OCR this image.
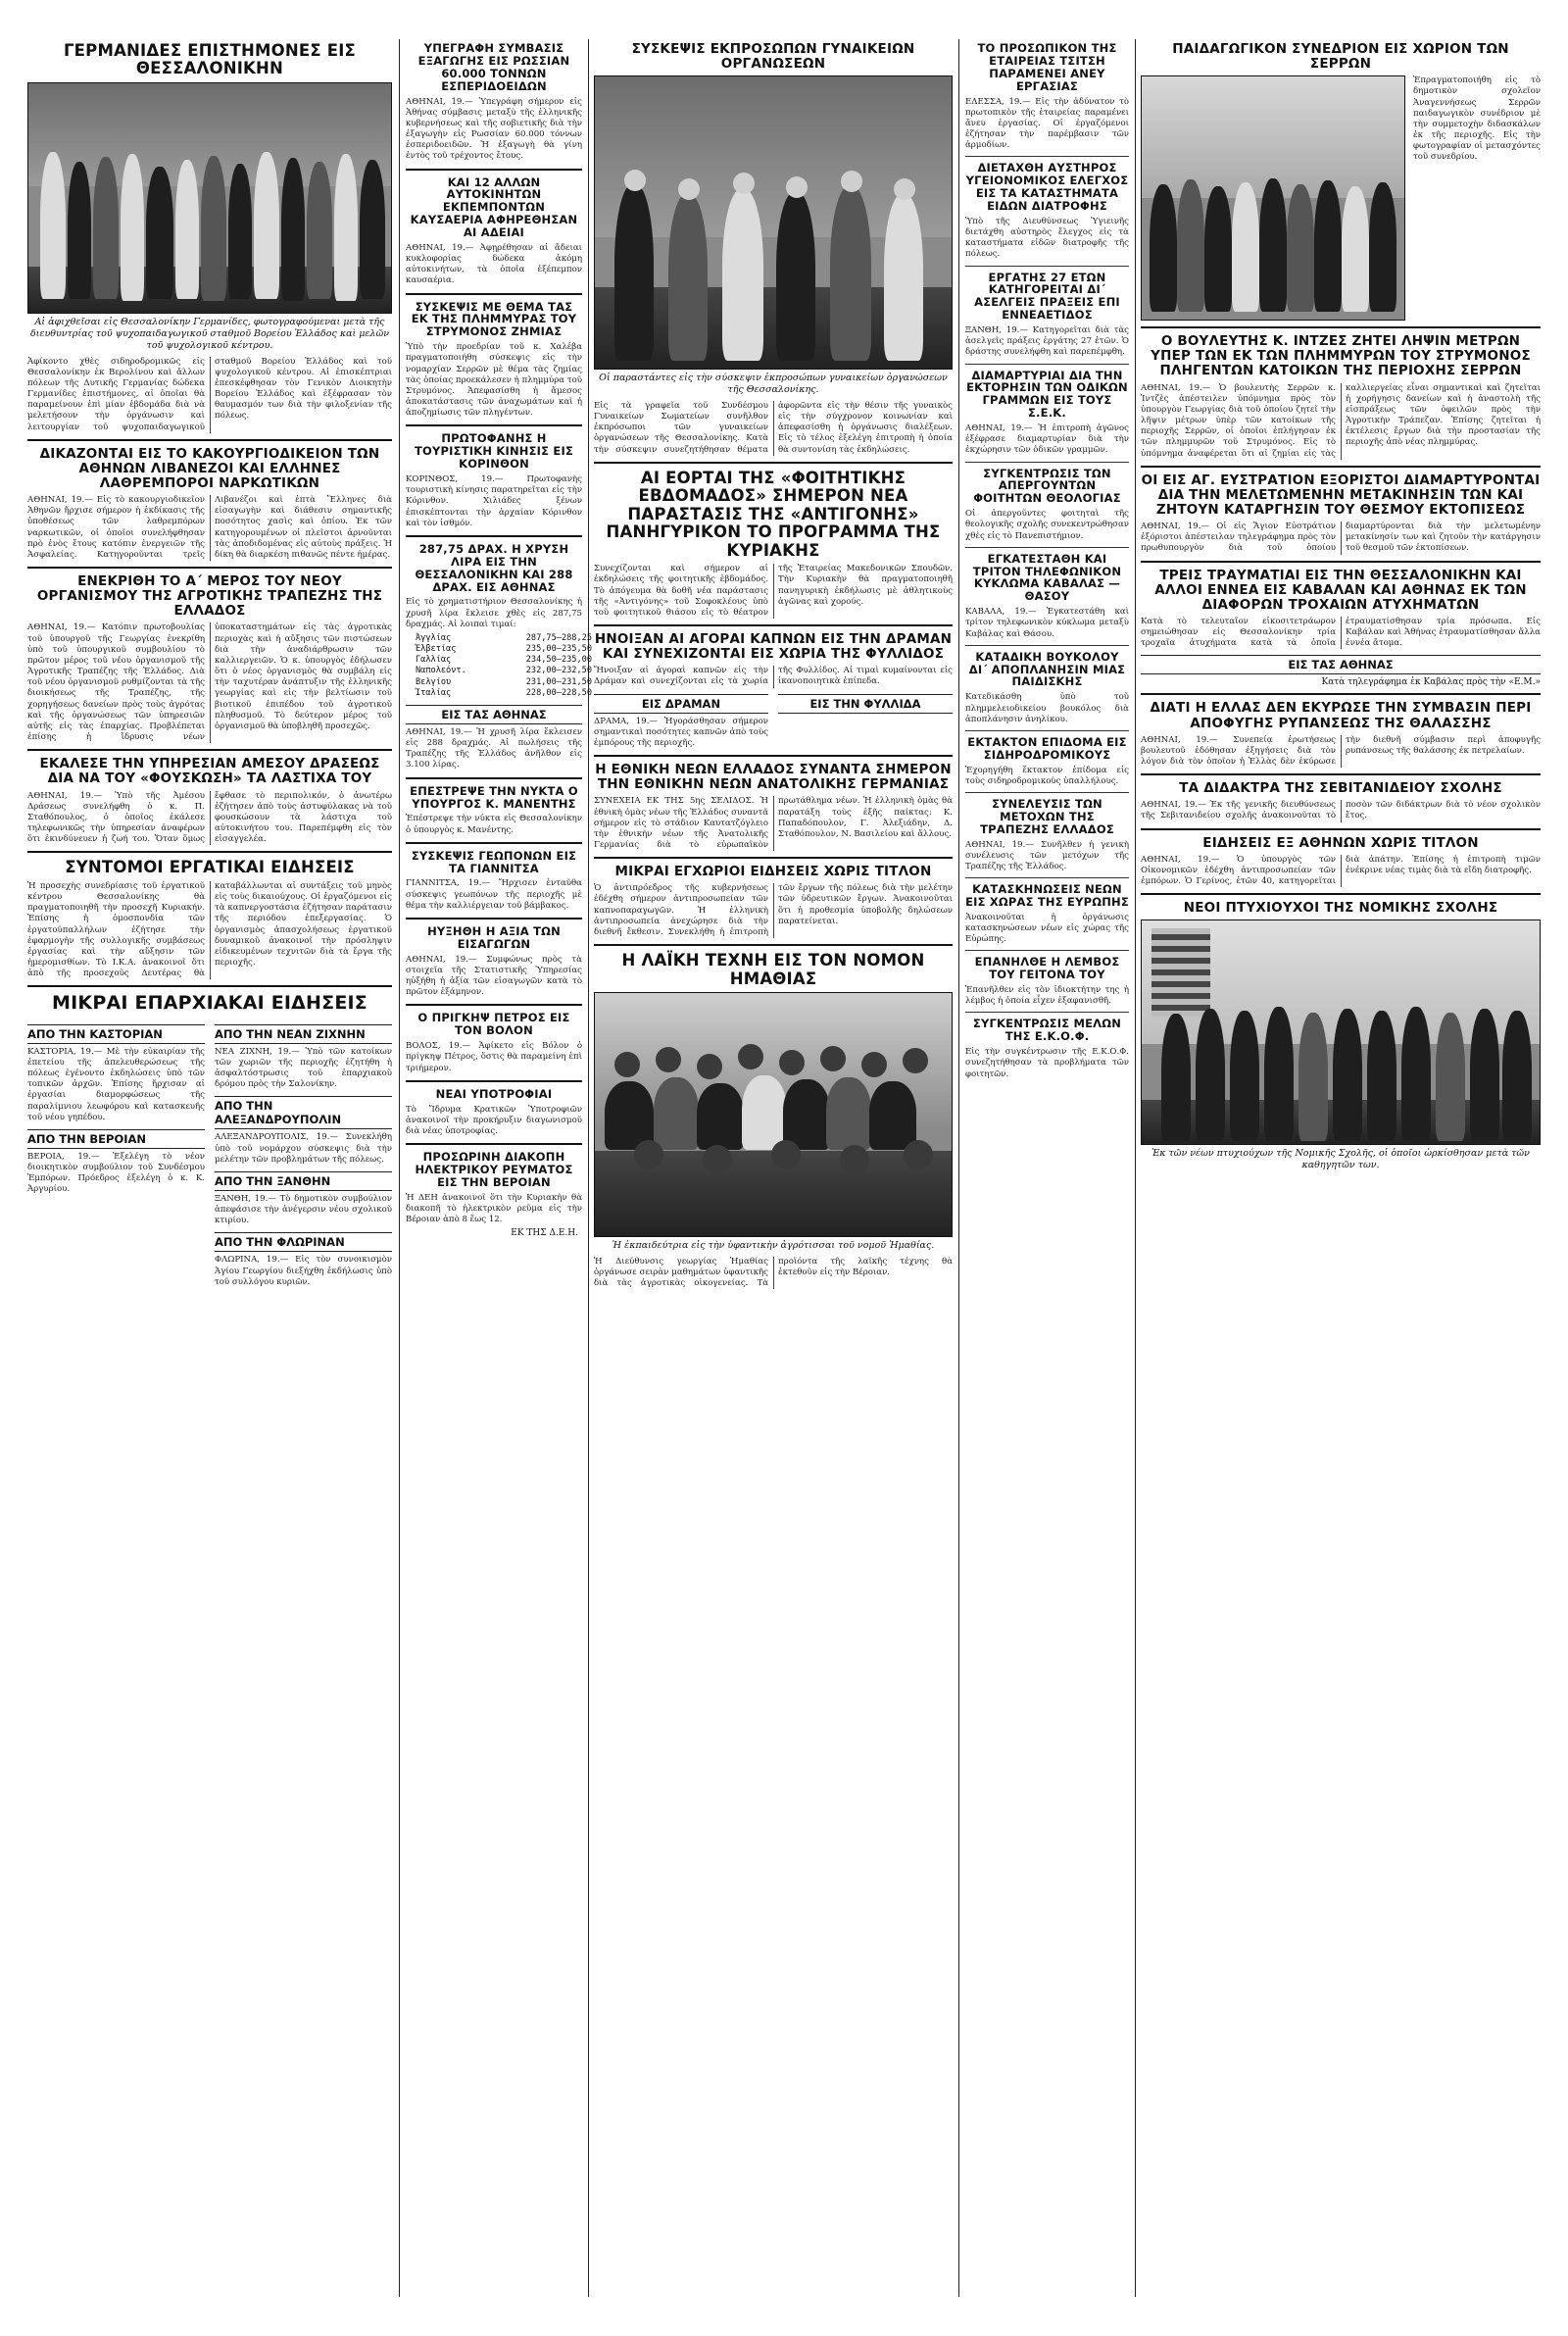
ΓΕΡΜΑΝΙΔΕΣ ΕΠΙΣΤΗΜΟΝΕΣ ΕΙΣ ΘΕΣΣΑΛΟΝΙΚΗΝ
Αἱ ἀφιχθεῖσαι εἰς Θεσσαλονίκην Γερμανίδες, φωτογραφούμεναι μετὰ τῆς διευθυντρίας τοῦ ψυχοπαιδαγωγικοῦ σταθμοῦ Βορείου Ἑλλάδος καὶ μελῶν τοῦ ψυχολογικοῦ κέντρου.
Ἀφίκοντο χθὲς σιδηροδρομικῶς εἰς Θεσσαλονίκην ἐκ Βερολίνου καὶ ἄλλων πόλεων τῆς Δυτικῆς Γερμανίας δώδεκα Γερμανίδες ἐπιστήμονες, αἱ ὁποῖαι θὰ παραμείνουν ἐπὶ μίαν ἑβδομάδα διὰ νὰ μελετήσουν τὴν ὀργάνωσιν καὶ λειτουργίαν τοῦ ψυχοπαιδαγωγικοῦ σταθμοῦ Βορείου Ἑλλάδος καὶ τοῦ ψυχολογικοῦ κέντρου. Αἱ ἐπισκέπτριαι ἐπεσκέφθησαν τὸν Γενικὸν Διοικητὴν Βορείου Ἑλλάδος καὶ ἐξέφρασαν τὸν θαυμασμόν των διὰ τὴν φιλοξενίαν τῆς πόλεως.
ΔΙΚΑΖΟΝΤΑΙ ΕΙΣ ΤΟ ΚΑΚΟΥΡΓΙΟΔΙΚΕΙΟΝ ΤΩΝ ΑΘΗΝΩΝ ΛΙΒΑΝΕΖΟΙ ΚΑΙ ΕΛΛΗΝΕΣ ΛΑΘΡΕΜΠΟΡΟΙ ΝΑΡΚΩΤΙΚΩΝ
ΑΘΗΝΑΙ, 19.— Εἰς τὸ κακουργιοδικεῖον Ἀθηνῶν ἤρχισε σήμερον ἡ ἐκδίκασις τῆς ὑποθέσεως τῶν λαθρεμπόρων ναρκωτικῶν, οἱ ὁποῖοι συνελήφθησαν πρὸ ἑνὸς ἔτους κατόπιν ἐνεργειῶν τῆς Ἀσφαλείας. Κατηγοροῦνται τρεῖς Λιβανέζοι καὶ ἑπτὰ Ἕλληνες διὰ εἰσαγωγὴν καὶ διάθεσιν σημαντικῆς ποσότητος χασὶς καὶ ὀπίου. Ἐκ τῶν κατηγορουμένων οἱ πλεῖστοι ἀρνοῦνται τὰς ἀποδιδομένας εἰς αὐτοὺς πράξεις. Ἡ δίκη θὰ διαρκέση πιθανῶς πέντε ἡμέρας.
ΕΝΕΚΡΙΘΗ ΤΟ Α΄ ΜΕΡΟΣ ΤΟΥ ΝΕΟΥ ΟΡΓΑΝΙΣΜΟΥ ΤΗΣ ΑΓΡΟΤΙΚΗΣ ΤΡΑΠΕΖΗΣ ΤΗΣ ΕΛΛΑΔΟΣ
ΑΘΗΝΑΙ, 19.— Κατόπιν πρωτοβουλίας τοῦ ὑπουργοῦ τῆς Γεωργίας ἐνεκρίθη ὑπὸ τοῦ ὑπουργικοῦ συμβουλίου τὸ πρῶτον μέρος τοῦ νέου ὀργανισμοῦ τῆς Ἀγροτικῆς Τραπέζης τῆς Ἑλλάδος. Διὰ τοῦ νέου ὀργανισμοῦ ρυθμίζονται τὰ τῆς διοικήσεως τῆς Τραπέζης, τῆς χορηγήσεως δανείων πρὸς τοὺς ἀγρότας καὶ τῆς ὀργανώσεως τῶν ὑπηρεσιῶν αὐτῆς εἰς τὰς ἐπαρχίας. Προβλέπεται ἐπίσης ἡ ἵδρυσις νέων ὑποκαταστημάτων εἰς τὰς ἀγροτικὰς περιοχὰς καὶ ἡ αὔξησις τῶν πιστώσεων διὰ τὴν ἀναδιάρθρωσιν τῶν καλλιεργειῶν. Ὁ κ. ὑπουργὸς ἐδήλωσεν ὅτι ὁ νέος ὀργανισμὸς θὰ συμβάλη εἰς τὴν ταχυτέραν ἀνάπτυξιν τῆς ἑλληνικῆς γεωργίας καὶ εἰς τὴν βελτίωσιν τοῦ βιοτικοῦ ἐπιπέδου τοῦ ἀγροτικοῦ πληθυσμοῦ. Τὸ δεύτερον μέρος τοῦ ὀργανισμοῦ θὰ ὑποβληθῆ προσεχῶς.
ΕΚΑΛΕΣΕ ΤΗΝ ΥΠΗΡΕΣΙΑΝ ΑΜΕΣΟΥ ΔΡΑΣΕΩΣ ΔΙΑ ΝΑ ΤΟΥ «ΦΟΥΣΚΩΣΗ» ΤΑ ΛΑΣΤΙΧΑ ΤΟΥ
ΑΘΗΝΑΙ, 19.— Ὑπὸ τῆς Ἀμέσου Δράσεως συνελήφθη ὁ κ. Π. Σταθόπουλος, ὁ ὁποῖος ἐκάλεσε τηλεφωνικῶς τὴν ὑπηρεσίαν ἀναφέρων ὅτι ἐκινδύνευεν ἡ ζωή του. Ὅταν ὅμως ἔφθασε τὸ περιπολικόν, ὁ ἀνωτέρω ἐζήτησεν ἀπὸ τοὺς ἀστυφύλακας νὰ τοῦ φουσκώσουν τὰ λάστιχα τοῦ αὐτοκινήτου του. Παρεπέμφθη εἰς τὸν εἰσαγγελέα.
ΣΥΝΤΟΜΟΙ ΕΡΓΑΤΙΚΑΙ ΕΙΔΗΣΕΙΣ
Ἡ προσεχὴς συνεδρίασις τοῦ ἐργατικοῦ κέντρου Θεσσαλονίκης θὰ πραγματοποιηθῆ τὴν προσεχῆ Κυριακήν. Ἐπίσης ἡ ὁμοσπονδία τῶν ἐργατοϋπαλλήλων ἐζήτησε τὴν ἐφαρμογὴν τῆς συλλογικῆς συμβάσεως ἐργασίας καὶ τὴν αὔξησιν τῶν ἡμερομισθίων. Τὸ Ι.Κ.Α. ἀνακοινοῖ ὅτι ἀπὸ τῆς προσεχοῦς Δευτέρας θὰ καταβάλλωνται αἱ συντάξεις τοῦ μηνὸς εἰς τοὺς δικαιούχους. Οἱ ἐργαζόμενοι εἰς τὰ καπνεργοστάσια ἐζήτησαν παράτασιν τῆς περιόδου ἐπεξεργασίας. Ὁ ὀργανισμὸς ἀπασχολήσεως ἐργατικοῦ δυναμικοῦ ἀνακοινοῖ τὴν πρόσληψιν εἰδικευμένων τεχνιτῶν διὰ τὰ ἔργα τῆς περιοχῆς.
ΜΙΚΡΑΙ ΕΠΑΡΧΙΑΚΑΙ ΕΙΔΗΣΕΙΣ
ΑΠΟ ΤΗΝ ΚΑΣΤΟΡΙΑΝ
ΚΑΣΤΟΡΙΑ, 19.— Μὲ τὴν εὐκαιρίαν τῆς ἐπετείου τῆς ἀπελευθερώσεως τῆς πόλεως ἐγένοντο ἐκδηλώσεις ὑπὸ τῶν τοπικῶν ἀρχῶν. Ἐπίσης ἤρχισαν αἱ ἐργασίαι διαμορφώσεως τῆς παραλίμνιου λεωφόρου καὶ κατασκευῆς τοῦ νέου γηπέδου.
ΑΠΟ ΤΗΝ ΒΕΡΟΙΑΝ
ΒΕΡΟΙΑ, 19.— Ἐξελέγη τὸ νέον διοικητικὸν συμβούλιον τοῦ Συνδέσμου Ἐμπόρων. Πρόεδρος ἐξελέγη ὁ κ. Κ. Ἀργυρίου.
ΑΠΟ ΤΗΝ ΝΕΑΝ ΖΙΧΝΗΝ
ΝΕΑ ΖΙΧΝΗ, 19.— Ὑπὸ τῶν κατοίκων τῶν χωριῶν τῆς περιοχῆς ἐζητήθη ἡ ἀσφαλτόστρωσις τοῦ ἐπαρχιακοῦ δρόμου πρὸς τὴν Σαλονίκην.
ΑΠΟ ΤΗΝ ΑΛΕΞΑΝΔΡΟΥΠΟΛΙΝ
ΑΛΕΞΑΝΔΡΟΥΠΟΛΙΣ, 19.— Συνεκλήθη ὑπὸ τοῦ νομάρχου σύσκεψις διὰ τὴν μελέτην τῶν προβλημάτων τῆς πόλεως.
ΑΠΟ ΤΗΝ ΞΑΝΘΗΝ
ΞΑΝΘΗ, 19.— Τὸ δημοτικὸν συμβούλιον ἀπεφάσισε τὴν ἀνέγερσιν νέου σχολικοῦ κτιρίου.
ΑΠΟ ΤΗΝ ΦΛΩΡΙΝΑΝ
ΦΛΩΡΙΝΑ, 19.— Εἰς τὸν συνοικισμὸν Ἀγίου Γεωργίου διεξήχθη ἐκδήλωσις ὑπὸ τοῦ συλλόγου κυριῶν.
ΥΠΕΓΡΑΦΗ ΣΥΜΒΑΣΙΣ ΕΞΑΓΩΓΗΣ ΕΙΣ ΡΩΣΣΙΑΝ 60.000 ΤΟΝΝΩΝ ΕΣΠΕΡΙΔΟΕΙΔΩΝ
ΑΘΗΝΑΙ, 19.— Ὑπεγράφη σήμερον εἰς Ἀθήνας σύμβασις μεταξὺ τῆς ἑλληνικῆς κυβερνήσεως καὶ τῆς σοβιετικῆς διὰ τὴν ἐξαγωγὴν εἰς Ρωσσίαν 60.000 τόννων ἐσπεριδοειδῶν. Ἡ ἐξαγωγὴ θὰ γίνη ἐντὸς τοῦ τρέχοντος ἔτους.
ΚΑΙ 12 ΑΛΛΩΝ ΑΥΤΟΚΙΝΗΤΩΝ ΕΚΠΕΜΠΟΝΤΩΝ ΚΑΥΣΑΕΡΙΑ ΑΦΗΡΕΘΗΣΑΝ ΑΙ ΑΔΕΙΑΙ
ΑΘΗΝΑΙ, 19.— Ἀφῃρέθησαν αἱ ἄδειαι κυκλοφορίας δώδεκα ἀκόμη αὐτοκινήτων, τὰ ὁποῖα ἐξέπεμπον καυσαέρια.
ΣΥΣΚΕΨΙΣ ΜΕ ΘΕΜΑ ΤΑΣ ΕΚ ΤΗΣ ΠΛΗΜΜΥΡΑΣ ΤΟΥ ΣΤΡΥΜΟΝΟΣ ΖΗΜΙΑΣ
Ὑπὸ τὴν προεδρίαν τοῦ κ. Χαλέβα πραγματοποιήθη σύσκεψις εἰς τὴν νομαρχίαν Σερρῶν μὲ θέμα τὰς ζημίας τὰς ὁποίας προεκάλεσεν ἡ πλημμύρα τοῦ Στρυμόνος. Ἀπεφασίσθη ἡ ἄμεσος ἀποκατάστασις τῶν ἀναχωμάτων καὶ ἡ ἀποζημίωσις τῶν πληγέντων.
ΠΡΩΤΟΦΑΝΗΣ Η ΤΟΥΡΙΣΤΙΚΗ ΚΙΝΗΣΙΣ ΕΙΣ ΚΟΡΙΝΘΟΝ
ΚΟΡΙΝΘΟΣ, 19.— Πρωτοφανὴς τουριστικὴ κίνησις παρατηρεῖται εἰς τὴν Κόρινθον. Χιλιάδες ξένων ἐπισκέπτονται τὴν ἀρχαίαν Κόρινθον καὶ τὸν ἰσθμόν.
287,75 ΔΡΑΧ. Η ΧΡΥΣΗ ΛΙΡΑ ΕΙΣ ΤΗΝ ΘΕΣΣΑΛΟΝΙΚΗΝ ΚΑΙ 288 ΔΡΑΧ. ΕΙΣ ΑΘΗΝΑΣ
Εἰς τὸ χρηματιστήριον Θεσσαλονίκης ἡ χρυσῆ λίρα ἔκλεισε χθὲς εἰς 287,75 δραχμάς. Αἱ λοιπαὶ τιμαί:
Ἀγγλίας	287,75—288,25
Ἑλβετίας	235,00—235,50
Γαλλίας	234,50—235,00
Ναπολεόντ.	232,00—232,50
Βελγίου	231,00—231,50
Ἰταλίας	228,00—228,50
ΕΙΣ ΤΑΣ ΑΘΗΝΑΣ
ΑΘΗΝΑΙ, 19.— Ἡ χρυσῆ λίρα ἔκλεισεν εἰς 288 δραχμάς. Αἱ πωλήσεις τῆς Τραπέζης τῆς Ἑλλάδος ἀνῆλθον εἰς 3.100 λίρας.
ΕΠΕΣΤΡΕΨΕ ΤΗΝ ΝΥΚΤΑ Ο ΥΠΟΥΡΓΟΣ Κ. ΜΑΝΕΝΤΗΣ
Ἐπέστρεψε τὴν νύκτα εἰς Θεσσαλονίκην ὁ ὑπουργὸς κ. Μανέντης.
ΣΥΣΚΕΨΙΣ ΓΕΩΠΟΝΩΝ ΕΙΣ ΤΑ ΓΙΑΝΝΙΤΣΑ
ΓΙΑΝΝΙΤΣΑ, 19.— Ἤρχισεν ἐνταῦθα σύσκεψις γεωπόνων τῆς περιοχῆς μὲ θέμα τὴν καλλιέργειαν τοῦ βάμβακος.
ΗΥΞΗΘΗ Η ΑΞΙΑ ΤΩΝ ΕΙΣΑΓΩΓΩΝ
ΑΘΗΝΑΙ, 19.— Συμφώνως πρὸς τὰ στοιχεῖα τῆς Στατιστικῆς Ὑπηρεσίας ηὐξήθη ἡ ἀξία τῶν εἰσαγωγῶν κατὰ τὸ πρῶτον ἑξάμηνον.
Ο ΠΡΙΓΚΗΨ ΠΕΤΡΟΣ ΕΙΣ ΤΟΝ ΒΟΛΟΝ
ΒΟΛΟΣ, 19.— Ἀφίκετο εἰς Βόλον ὁ πρίγκηψ Πέτρος, ὅστις θὰ παραμείνη ἐπὶ τριήμερον.
ΝΕΑΙ ΥΠΟΤΡΟΦΙΑΙ
Τὸ Ἵδρυμα Κρατικῶν Ὑποτροφιῶν ἀνακοινοῖ τὴν προκήρυξιν διαγωνισμοῦ διὰ νέας ὑποτροφίας.
ΠΡΟΣΩΡΙΝΗ ΔΙΑΚΟΠΗ ΗΛΕΚΤΡΙΚΟΥ ΡΕΥΜΑΤΟΣ ΕΙΣ ΤΗΝ ΒΕΡΟΙΑΝ
Ἡ ΔΕΗ ἀνακοινοῖ ὅτι τὴν Κυριακὴν θὰ διακοπῆ τὸ ἠλεκτρικὸν ρεῦμα εἰς τὴν Βέροιαν ἀπὸ 8 ἕως 12.
ΕΚ ΤΗΣ Δ.Ε.Η.
ΣΥΣΚΕΨΙΣ ΕΚΠΡΟΣΩΠΩΝ ΓΥΝΑΙΚΕΙΩΝ ΟΡΓΑΝΩΣΕΩΝ
Οἱ παραστάντες εἰς τὴν σύσκεψιν ἐκπροσώπων γυναικείων ὀργανώσεων τῆς Θεσσαλονίκης.
Εἰς τὰ γραφεῖα τοῦ Συνδέσμου Γυναικείων Σωματείων συνῆλθον ἐκπρόσωποι τῶν γυναικείων ὀργανώσεων τῆς Θεσσαλονίκης. Κατὰ τὴν σύσκεψιν συνεζητήθησαν θέματα ἀφορῶντα εἰς τὴν θέσιν τῆς γυναικὸς εἰς τὴν σύγχρονον κοινωνίαν καὶ ἀπεφασίσθη ἡ ὀργάνωσις διαλέξεων. Εἰς τὸ τέλος ἐξελέγη ἐπιτροπὴ ἡ ὁποία θὰ συντονίση τὰς ἐκδηλώσεις.
ΑΙ ΕΟΡΤΑΙ ΤΗΣ «ΦΟΙΤΗΤΙΚΗΣ ΕΒΔΟΜΑΔΟΣ» ΣΗΜΕΡΟΝ ΝΕΑ ΠΑΡΑΣΤΑΣΙΣ ΤΗΣ «ΑΝΤΙΓΟΝΗΣ» ΠΑΝΗΓΥΡΙΚΟΝ ΤΟ ΠΡΟΓΡΑΜΜΑ ΤΗΣ ΚΥΡΙΑΚΗΣ
Συνεχίζονται καὶ σήμερον αἱ ἐκδηλώσεις τῆς φοιτητικῆς ἑβδομάδος. Τὸ ἀπόγευμα θὰ δοθῆ νέα παράστασις τῆς «Ἀντιγόνης» τοῦ Σοφοκλέους ὑπὸ τοῦ φοιτητικοῦ θιάσου εἰς τὸ θέατρον τῆς Ἑταιρείας Μακεδονικῶν Σπουδῶν. Τὴν Κυριακὴν θὰ πραγματοποιηθῆ πανηγυρικὴ ἐκδήλωσις μὲ ἀθλητικοὺς ἀγῶνας καὶ χορούς.
ΗΝΟΙΞΑΝ ΑΙ ΑΓΟΡΑΙ ΚΑΠΝΩΝ ΕΙΣ ΤΗΝ ΔΡΑΜΑΝ ΚΑΙ ΣΥΝΕΧΙΖΟΝΤΑΙ ΕΙΣ ΧΩΡΙΑ ΤΗΣ ΦΥΛΛΙΔΟΣ
Ἤνοιξαν αἱ ἀγοραὶ καπνῶν εἰς τὴν Δράμαν καὶ συνεχίζονται εἰς τὰ χωρία τῆς Φυλλίδος. Αἱ τιμαὶ κυμαίνονται εἰς ἱκανοποιητικὰ ἐπίπεδα.
ΕΙΣ ΔΡΑΜΑΝ
ΔΡΑΜΑ, 19.— Ἠγοράσθησαν σήμερον σημαντικαὶ ποσότητες καπνῶν ἀπὸ τοὺς ἐμπόρους τῆς περιοχῆς.
ΕΙΣ ΤΗΝ ΦΥΛΛΙΔΑ
Η ΕΘΝΙΚΗ ΝΕΩΝ ΕΛΛΑΔΟΣ ΣΥΝΑΝΤΑ ΣΗΜΕΡΟΝ ΤΗΝ ΕΘΝΙΚΗΝ ΝΕΩΝ ΑΝΑΤΟΛΙΚΗΣ ΓΕΡΜΑΝΙΑΣ
ΣΥΝΕΧΕΙΑ ΕΚ ΤΗΣ 5ης ΣΕΛΙΔΟΣ. Ἡ ἐθνικὴ ὁμὰς νέων τῆς Ἑλλάδος συναντᾶ σήμερον εἰς τὸ στάδιον Καυτατζόγλειο τὴν ἐθνικὴν νέων τῆς Ἀνατολικῆς Γερμανίας διὰ τὸ εὐρωπαϊκὸν πρωτάθλημα νέων. Ἡ ἑλληνικὴ ὁμὰς θὰ παρατάξη τοὺς ἑξῆς παίκτας: Κ. Παπαδόπουλον, Γ. Ἀλεξιάδην, Δ. Σταθόπουλον, Ν. Βασιλείου καὶ ἄλλους.
ΜΙΚΡΑΙ ΕΓΧΩΡΙΟΙ ΕΙΔΗΣΕΙΣ ΧΩΡΙΣ ΤΙΤΛΟΝ
Ὁ ἀντιπρόεδρος τῆς κυβερνήσεως ἐδέχθη σήμερον ἀντιπροσωπείαν τῶν καπνοπαραγωγῶν. Ἡ ἑλληνικὴ ἀντιπροσωπεία ἀνεχώρησε διὰ τὴν διεθνῆ ἔκθεσιν. Συνεκλήθη ἡ ἐπιτροπὴ τῶν ἔργων τῆς πόλεως διὰ τὴν μελέτην τῶν ὑδρευτικῶν ἔργων. Ἀνακοινοῦται ὅτι ἡ προθεσμία ὑποβολῆς δηλώσεων παρατείνεται.
Η ΛΑΪΚΗ ΤΕΧΝΗ ΕΙΣ ΤΟΝ ΝΟΜΟΝ ΗΜΑΘΙΑΣ
Ἡ ἐκπαιδεύτρια εἰς τὴν ὑφαντικὴν ἀγρότισσαι τοῦ νομοῦ Ἡμαθίας.
Ἡ Διεύθυνσις γεωργίας Ἡμαθίας ὀργάνωσε σειρὰν μαθημάτων ὑφαντικῆς διὰ τὰς ἀγροτικὰς οἰκογενείας. Τὰ προϊόντα τῆς λαϊκῆς τέχνης θὰ ἐκτεθοῦν εἰς τὴν Βέροιαν.
ΤΟ ΠΡΟΣΩΠΙΚΟΝ ΤΗΣ ΕΤΑΙΡΕΙΑΣ ΤΣΙΤΣΗ ΠΑΡΑΜΕΝΕΙ ΑΝΕΥ ΕΡΓΑΣΙΑΣ
ΕΔΕΣΣΑ, 19.— Εἰς τὴν ἀδύνατον τὸ πρωτοπικὸν τῆς ἑταιρείας παραμένει ἄνευ ἐργασίας. Οἱ ἐργαζόμενοι ἐζήτησαν τὴν παρέμβασιν τῶν ἀρμοδίων.
ΔΙΕΤΑΧΘΗ ΑΥΣΤΗΡΟΣ ΥΓΕΙΟΝΟΜΙΚΟΣ ΕΛΕΓΧΟΣ ΕΙΣ ΤΑ ΚΑΤΑΣΤΗΜΑΤΑ ΕΙΔΩΝ ΔΙΑΤΡΟΦΗΣ
Ὑπὸ τῆς Διευθύνσεως Ὑγιεινῆς διετάχθη αὐστηρὸς ἔλεγχος εἰς τὰ καταστήματα εἰδῶν διατροφῆς τῆς πόλεως.
ΕΡΓΑΤΗΣ 27 ΕΤΩΝ ΚΑΤΗΓΟΡΕΙΤΑΙ ΔΙ΄ ΑΣΕΛΓΕΙΣ ΠΡΑΞΕΙΣ ΕΠΙ ΕΝΝΕΑΕΤΙΔΟΣ
ΞΑΝΘΗ, 19.— Κατηγορεῖται διὰ τὰς ἀσελγεῖς πράξεις ἐργάτης 27 ἐτῶν. Ὁ δράστης συνελήφθη καὶ παρεπέμφθη.
ΔΙΑΜΑΡΤΥΡΙΑΙ ΔΙΑ ΤΗΝ ΕΚΤΟΡΗΣΙΝ ΤΩΝ ΟΔΙΚΩΝ ΓΡΑΜΜΩΝ ΕΙΣ ΤΟΥΣ Σ.Ε.Κ.
ΑΘΗΝΑΙ, 19.— Ἡ ἐπιτροπὴ ἀγῶνος ἐξέφρασε διαμαρτυρίαν διὰ τὴν ἐκχώρησιν τῶν ὁδικῶν γραμμῶν.
ΣΥΓΚΕΝΤΡΩΣΙΣ ΤΩΝ ΑΠΕΡΓΟΥΝΤΩΝ ΦΟΙΤΗΤΩΝ ΘΕΟΛΟΓΙΑΣ
Οἱ ἀπεργοῦντες φοιτηταὶ τῆς θεολογικῆς σχολῆς συνεκεντρώθησαν χθὲς εἰς τὸ Πανεπιστήμιον.
ΕΓΚΑΤΕΣΤΑΘΗ ΚΑΙ ΤΡΙΤΟΝ ΤΗΛΕΦΩΝΙΚΟΝ ΚΥΚΛΩΜΑ ΚΑΒΑΛΑΣ — ΘΑΣΟΥ
ΚΑΒΑΛΑ, 19.— Ἐγκατεστάθη καὶ τρίτον τηλεφωνικὸν κύκλωμα μεταξὺ Καβάλας καὶ Θάσου.
ΚΑΤΑΔΙΚΗ ΒΟΥΚΟΛΟΥ ΔΙ΄ ΑΠΟΠΛΑΝΗΣΙΝ ΜΙΑΣ ΠΑΙΔΙΣΚΗΣ
Κατεδικάσθη ὑπὸ τοῦ πλημμελειοδικείου βουκόλος διὰ ἀποπλάνησιν ἀνηλίκου.
ΕΚΤΑΚΤΟΝ ΕΠΙΔΟΜΑ ΕΙΣ ΣΙΔΗΡΟΔΡΟΜΙΚΟΥΣ
Ἐχορηγήθη ἔκτακτον ἐπίδομα εἰς τοὺς σιδηροδρομικοὺς ὑπαλλήλους.
ΣΥΝΕΛΕΥΣΙΣ ΤΩΝ ΜΕΤΟΧΩΝ ΤΗΣ ΤΡΑΠΕΖΗΣ ΕΛΛΑΔΟΣ
ΑΘΗΝΑΙ, 19.— Συνῆλθεν ἡ γενικὴ συνέλευσις τῶν μετόχων τῆς Τραπέζης τῆς Ἑλλάδος.
ΚΑΤΑΣΚΗΝΩΣΕΙΣ ΝΕΩΝ ΕΙΣ ΧΩΡΑΣ ΤΗΣ ΕΥΡΩΠΗΣ
Ἀνακοινοῦται ἡ ὀργάνωσις κατασκηνώσεων νέων εἰς χώρας τῆς Εὐρώπης.
ΕΠΑΝΗΛΘΕ Η ΛΕΜΒΟΣ ΤΟΥ ΓΕΙΤΟΝΑ ΤΟΥ
Ἐπανῆλθεν εἰς τὸν ἰδιοκτήτην της ἡ λέμβος ἡ ὁποία εἶχεν ἐξαφανισθῆ.
ΣΥΓΚΕΝΤΡΩΣΙΣ ΜΕΛΩΝ ΤΗΣ Ε.Κ.Ο.Φ.
Εἰς τὴν συγκέντρωσιν τῆς Ε.Κ.Ο.Φ. συνεζητήθησαν τὰ προβλήματα τῶν φοιτητῶν.
ΠΑΙΔΑΓΩΓΙΚΟΝ ΣΥΝΕΔΡΙΟΝ ΕΙΣ ΧΩΡΙΟΝ ΤΩΝ ΣΕΡΡΩΝ
Ἐπραγματοποιήθη εἰς τὸ δημοτικὸν σχολεῖον Ἀναγεννήσεως Σερρῶν παιδαγωγικὸν συνέδριον μὲ τὴν συμμετοχὴν διδασκάλων ἐκ τῆς περιοχῆς. Εἰς τὴν φωτογραφίαν οἱ μετασχόντες τοῦ συνεδρίου.
Ο ΒΟΥΛΕΥΤΗΣ Κ. ΙΝΤΖΕΣ ΖΗΤΕΙ ΛΗΨΙΝ ΜΕΤΡΩΝ ΥΠΕΡ ΤΩΝ ΕΚ ΤΩΝ ΠΛΗΜΜΥΡΩΝ ΤΟΥ ΣΤΡΥΜΟΝΟΣ ΠΛΗΓΕΝΤΩΝ ΚΑΤΟΙΚΩΝ ΤΗΣ ΠΕΡΙΟΧΗΣ ΣΕΡΡΩΝ
ΑΘΗΝΑΙ, 19.— Ὁ βουλευτὴς Σερρῶν κ. Ἰντζὲς ἀπέστειλεν ὑπόμνημα πρὸς τὸν ὑπουργὸν Γεωργίας διὰ τοῦ ὁποίου ζητεῖ τὴν λῆψιν μέτρων ὑπὲρ τῶν κατοίκων τῆς περιοχῆς Σερρῶν, οἱ ὁποῖοι ἐπλήγησαν ἐκ τῶν πλημμυρῶν τοῦ Στρυμόνος. Εἰς τὸ ὑπόμνημα ἀναφέρεται ὅτι αἱ ζημίαι εἰς τὰς καλλιεργείας εἶναι σημαντικαὶ καὶ ζητεῖται ἡ χορήγησις δανείων καὶ ἡ ἀναστολὴ τῆς εἰσπράξεως τῶν ὀφειλῶν πρὸς τὴν Ἀγροτικὴν Τράπεζαν. Ἐπίσης ζητεῖται ἡ ἐκτέλεσις ἔργων διὰ τὴν προστασίαν τῆς περιοχῆς ἀπὸ νέας πλημμύρας.
ΟΙ ΕΙΣ ΑΓ. ΕΥΣΤΡΑΤΙΟΝ ΕΞΟΡΙΣΤΟΙ ΔΙΑΜΑΡΤΥΡΟΝΤΑΙ ΔΙΑ ΤΗΝ ΜΕΛΕΤΩΜΕΝΗΝ ΜΕΤΑΚΙΝΗΣΙΝ ΤΩΝ ΚΑΙ ΖΗΤΟΥΝ ΚΑΤΑΡΓΗΣΙΝ ΤΟΥ ΘΕΣΜΟΥ ΕΚΤΟΠΙΣΕΩΣ
ΑΘΗΝΑΙ, 19.— Οἱ εἰς Ἅγιον Εὐστράτιον ἐξόριστοι ἀπέστειλαν τηλεγράφημα πρὸς τὸν πρωθυπουργὸν διὰ τοῦ ὁποίου διαμαρτύρονται διὰ τὴν μελετωμένην μετακίνησίν των καὶ ζητοῦν τὴν κατάργησιν τοῦ θεσμοῦ τῶν ἐκτοπίσεων.
ΤΡΕΙΣ ΤΡΑΥΜΑΤΙΑΙ ΕΙΣ ΤΗΝ ΘΕΣΣΑΛΟΝΙΚΗΝ ΚΑΙ ΑΛΛΟΙ ΕΝΝΕΑ ΕΙΣ ΚΑΒΑΛΑΝ ΚΑΙ ΑΘΗΝΑΣ ΕΚ ΤΩΝ ΔΙΑΦΟΡΩΝ ΤΡΟΧΑΙΩΝ ΑΤΥΧΗΜΑΤΩΝ
Κατὰ τὸ τελευταῖον εἰκοσιτετράωρον σημειώθησαν εἰς Θεσσαλονίκην τρία τροχαῖα ἀτυχήματα κατὰ τὰ ὁποῖα ἐτραυματίσθησαν τρία πρόσωπα. Εἰς Καβάλαν καὶ Ἀθήνας ἐτραυματίσθησαν ἄλλα ἐννέα ἄτομα.
ΕΙΣ ΤΑΣ ΑΘΗΝΑΣ
Κατὰ τηλεγράφημα ἐκ Καβάλας πρὸς τὴν «Ε.Μ.»
ΔΙΑΤΙ Η ΕΛΛΑΣ ΔΕΝ ΕΚΥΡΩΣΕ ΤΗΝ ΣΥΜΒΑΣΙΝ ΠΕΡΙ ΑΠΟΦΥΓΗΣ ΡΥΠΑΝΣΕΩΣ ΤΗΣ ΘΑΛΑΣΣΗΣ
ΑΘΗΝΑΙ, 19.— Συνεπείᾳ ἐρωτήσεως βουλευτοῦ ἐδόθησαν ἐξηγήσεις διὰ τὸν λόγον διὰ τὸν ὁποῖον ἡ Ἑλλὰς δὲν ἐκύρωσε τὴν διεθνῆ σύμβασιν περὶ ἀποφυγῆς ρυπάνσεως τῆς θαλάσσης ἐκ πετρελαίων.
ΤΑ ΔΙΔΑΚΤΡΑ ΤΗΣ ΣΕΒΙΤΑΝΙΔΕΙΟΥ ΣΧΟΛΗΣ
ΑΘΗΝΑΙ, 19.— Ἐκ τῆς γενικῆς διευθύνσεως τῆς Σεβιτανιδείου σχολῆς ἀνακοινοῦται τὸ ποσὸν τῶν διδάκτρων διὰ τὸ νέον σχολικὸν ἔτος.
ΕΙΔΗΣΕΙΣ ΕΞ ΑΘΗΝΩΝ ΧΩΡΙΣ ΤΙΤΛΟΝ
ΑΘΗΝΑΙ, 19.— Ὁ ὑπουργὸς τῶν Οἰκονομικῶν ἐδέχθη ἀντιπροσωπείαν τῶν ἐμπόρων. Ὁ Γερίνος, ἐτῶν 40, κατηγορεῖται διὰ ἀπάτην. Ἐπίσης ἡ ἐπιτροπὴ τιμῶν ἐνέκρινε νέας τιμὰς διὰ τὰ εἴδη διατροφῆς.
ΝΕΟΙ ΠΤΥΧΙΟΥΧΟΙ ΤΗΣ ΝΟΜΙΚΗΣ ΣΧΟΛΗΣ
Ἐκ τῶν νέων πτυχιούχων τῆς Νομικῆς Σχολῆς, οἱ ὁποῖοι ὡρκίσθησαν μετὰ τῶν καθηγητῶν των.
